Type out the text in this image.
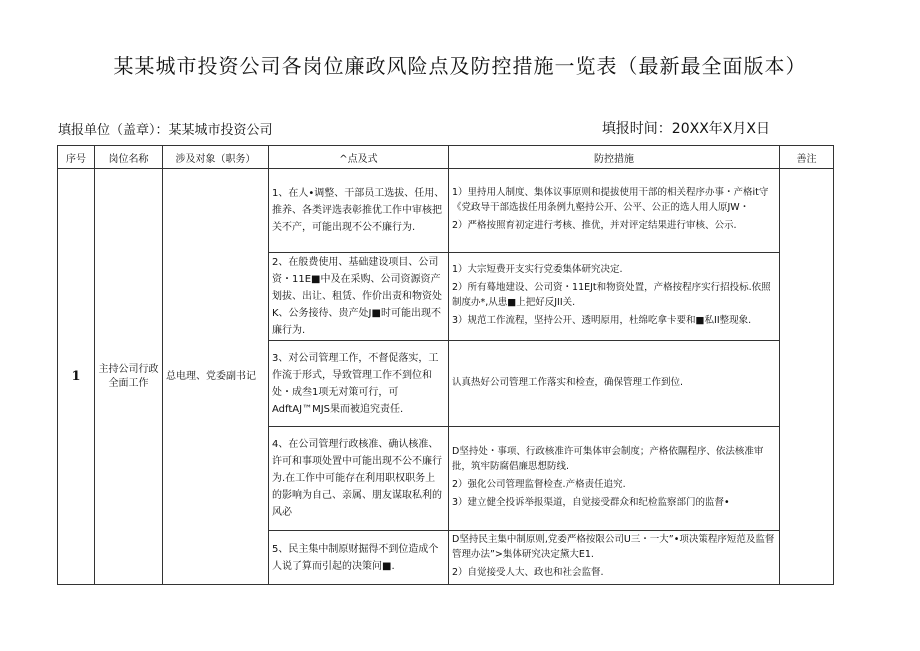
某某城市投资公司各岗位廉政风险点及防控措施一览表（最新最全面版本）
填报单位（盖章）：某某城市投资公司	填报时间：20XX年X月X日
序号	岗位名称	涉及对象（职务）	^点及式	防控措施	善注
1	主持公司行政全面工作	总电理、党委副书记	1、在人•调整、干部员工选拔、任用、推养、各类评选表彰推优工作中审核把关不产，可能出现不公不廉行为.	1）里持用人制度、集体议事原则和提拔使用干部的相关程序办事・产格it守《党政导干部选拔任用条例九壑持公开、公平、公正的选人用人原JW・

2）严格按照育初定进行考核、推优，并对评定结果进行审核、公示.	

			2、在般费使用、基础建设项目、公司资・11E■中及在采购、公司资源资产划拔、出让、租赁、作价出责和物资处K、公务接待、贵产处J■时可能出现不廉行为.	1）大宗短费开支实行党委集体研究决定.

2）所有蓦地建设、公司资・11EJt和物资处置，产格按程序实行招投标.依照制度办*,从患■上把好反JII关.

3）规范工作流程，坚持公开、透明原用，杜绵吃拿卡要和■私II整现象.	

			3、对公司管理工作，不督促落实，工作流于形式，导致管理工作不到位和处・成叁1项无对策可行，可AdftAJ™MJS果而被追究责任.	认真热好公司管理工作落实和检查，确保管理工作到位.	

			4、在公司管理行政核准、确认核准、许可和事项处置中可能出现不公不廉行为.在工作中可能存在利用职权职务上的影响为自己、亲属、朋友谋取私利的风必	D坚持处・事项、行政核准许可集体审会制度；产格依隰程序、依法核准审批，筑牢防腐倡廉思想防线.

2）强化公司管理监督检查.产格责任追究.

3）建立健全投诉举报渠道，自觉接受群众和纪检监察部门的监督•	

			5、民主集中制原财掘得不到位造成个人说了算而引起的决策问■.	D坚持民主集中制原则,党委严格按限公司U三・一大”•项决策程序短范及监督管理办法”>集体研究决定黛大E1.

2）自觉接受人大、政也和社会监督.	
